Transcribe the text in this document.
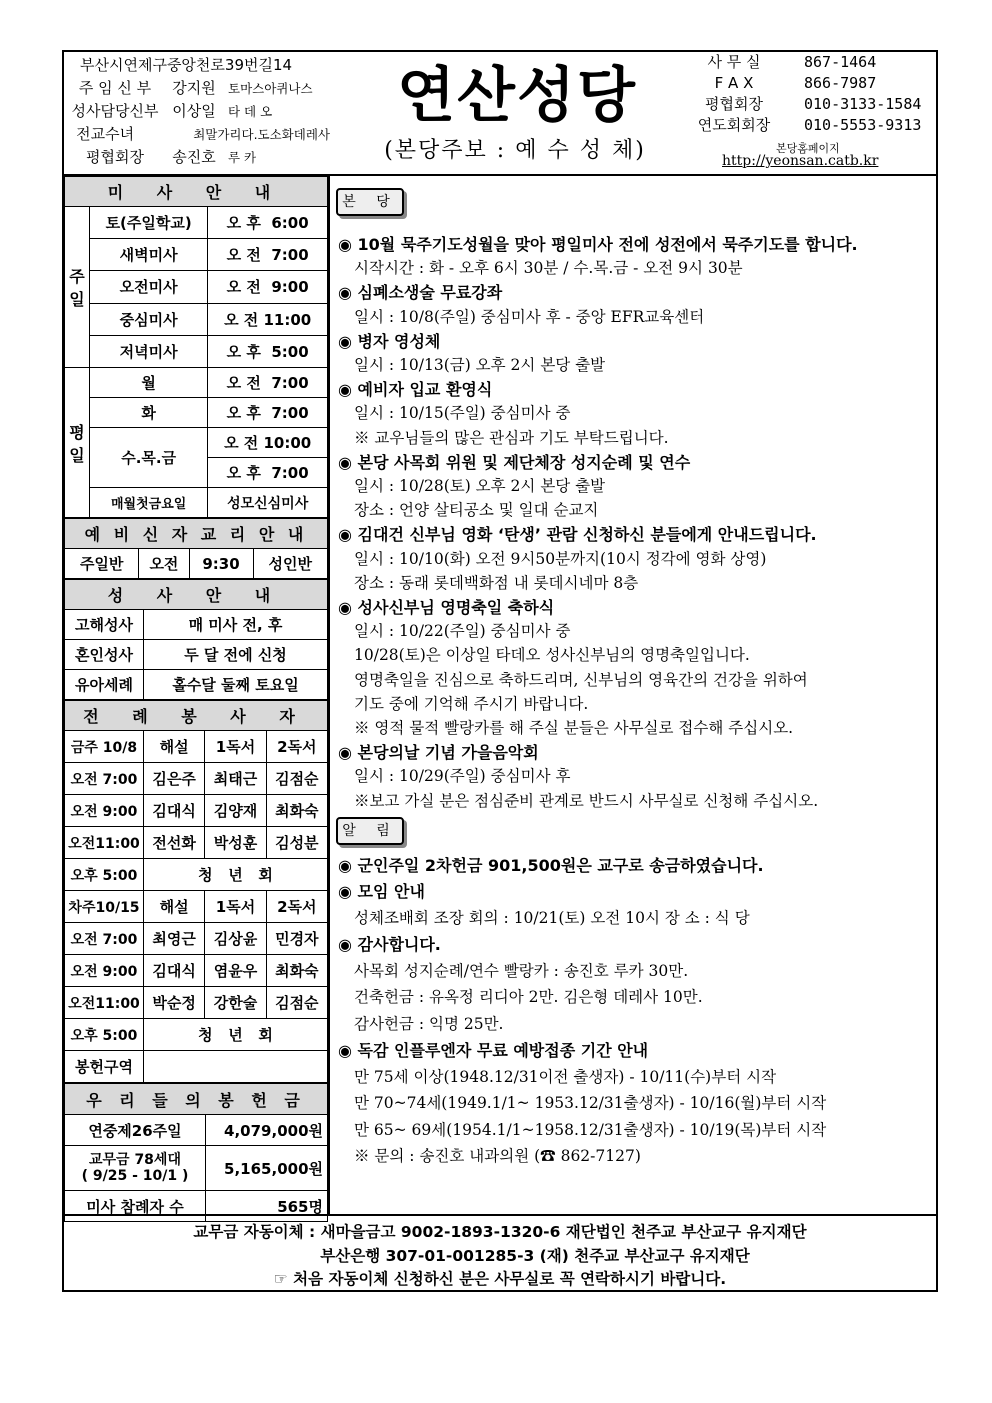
부산시연제구중앙천로39번길14
주 임 신 부	강지원 토마스아퀴나스
성사담당신부 이상일 타 데 오
전교수녀	최말가리다.도소화데레사
평협회장	송진호 루 카
연산성당
(본당주보 : 예 수 성 체)
사 무 실	867-1464
F A X	866-7987
평협회장	010-3133-1584
연도회회장	010-5553-9313
본당홈페이지
http://yeonsan.catb.kr
미 사 안 내		
주 일	토(주일학교)	오 후  6:00
	새벽미사	오 전  7:00
	오전미사	오 전  9:00
	중심미사	오 전 11:00
	저녁미사	오 후  5:00
평 일	월	오 전  7:00
	화	오 후  7:00
	수.목.금	오 전 10:00
		오 후  7:00
	매월첫금요일	성모신심미사
예 비 신 자 교 리 안 내
주일반	오전	9:30	성인반
성 사 안 내	
고해성사	매 미사 전, 후
혼인성사	두 달 전에 신청
유아세례	홀수달 둘째 토요일
전 례 봉 사 자			
금주 10/8	해설	1독서	2독서
오전 7:00	김은주	최태근	김점순
오전 9:00	김대식	김양재	최화숙
오전11:00	전선화	박성훈	김성분
오후 5:00	청   년   회		
차주10/15	해설	1독서	2독서
오전 7:00	최영근	김상윤	민경자
오전 9:00	김대식	염윤우	최화숙
오전11:00	박순정	강한술	김점순
오후 5:00	청   년   회		
봉헌구역			
우 리 들 의 봉 헌 금	
연중제26주일	4,079,000원
교무금 78세대
( 9/25 - 10/1 )	5,165,000원
미사 참례자 수	565명
본 당
◉ 10월 묵주기도성월을 맞아 평일미사 전에 성전에서 묵주기도를 합니다.
시작시간 : 화 - 오후 6시 30분 / 수.목.금 - 오전 9시 30분
◉ 심폐소생술 무료강좌
일시 : 10/8(주일) 중심미사 후 - 중앙 EFR교육센터
◉ 병자 영성체
일시 : 10/13(금) 오후 2시 본당 출발
◉ 예비자 입교 환영식
일시 : 10/15(주일) 중심미사 중
※ 교우님들의 많은 관심과 기도 부탁드립니다.
◉ 본당 사목회 위원 및 제단체장 성지순례 및 연수
일시 : 10/28(토) 오후 2시 본당 출발
장소 : 언양 살티공소 및 일대 순교지
◉ 김대건 신부님 영화 ‘탄생’ 관람 신청하신 분들에게 안내드립니다.
일시 : 10/10(화) 오전 9시50분까지(10시 정각에 영화 상영)
장소 : 동래 롯데백화점 내 롯데시네마 8층
◉ 성사신부님 영명축일 축하식
일시 : 10/22(주일) 중심미사 중
10/28(토)은 이상일 타데오 성사신부님의 영명축일입니다.
영명축일을 진심으로 축하드리며, 신부님의 영육간의 건강을 위하여
기도 중에 기억해 주시기 바랍니다.
※ 영적 물적 빨랑카를 해 주실 분들은 사무실로 접수해 주십시오.
◉ 본당의날 기념 가을음악회
일시 : 10/29(주일) 중심미사 후
※보고 가실 분은 점심준비 관계로 반드시 사무실로 신청해 주십시오.
알 림
◉ 군인주일 2차헌금 901,500원은 교구로 송금하였습니다.
◉ 모임 안내
성체조배회 조장 회의 : 10/21(토) 오전 10시 장 소 : 식 당
◉ 감사합니다.
사목회 성지순례/연수 빨랑카 : 송진호 루카 30만.
건축헌금 : 유옥정 리디아 2만. 김은형 데레사 10만.
감사헌금 : 익명 25만.
◉ 독감 인플루엔자 무료 예방접종 기간 안내
만 75세 이상(1948.12/31이전 출생자) - 10/11(수)부터 시작
만 70~74세(1949.1/1~ 1953.12/31출생자) - 10/16(월)부터 시작
만 65~ 69세(1954.1/1~1958.12/31출생자) - 10/19(목)부터 시작
※ 문의 : 송진호 내과의원 (☎ 862-7127)
교무금 자동이체 : 새마을금고 9002-1893-1320-6 재단법인 천주교 부산교구 유지재단
부산은행 307-01-001285-3 (재) 천주교 부산교구 유지재단
☞ 처음 자동이체 신청하신 분은 사무실로 꼭 연락하시기 바랍니다.
